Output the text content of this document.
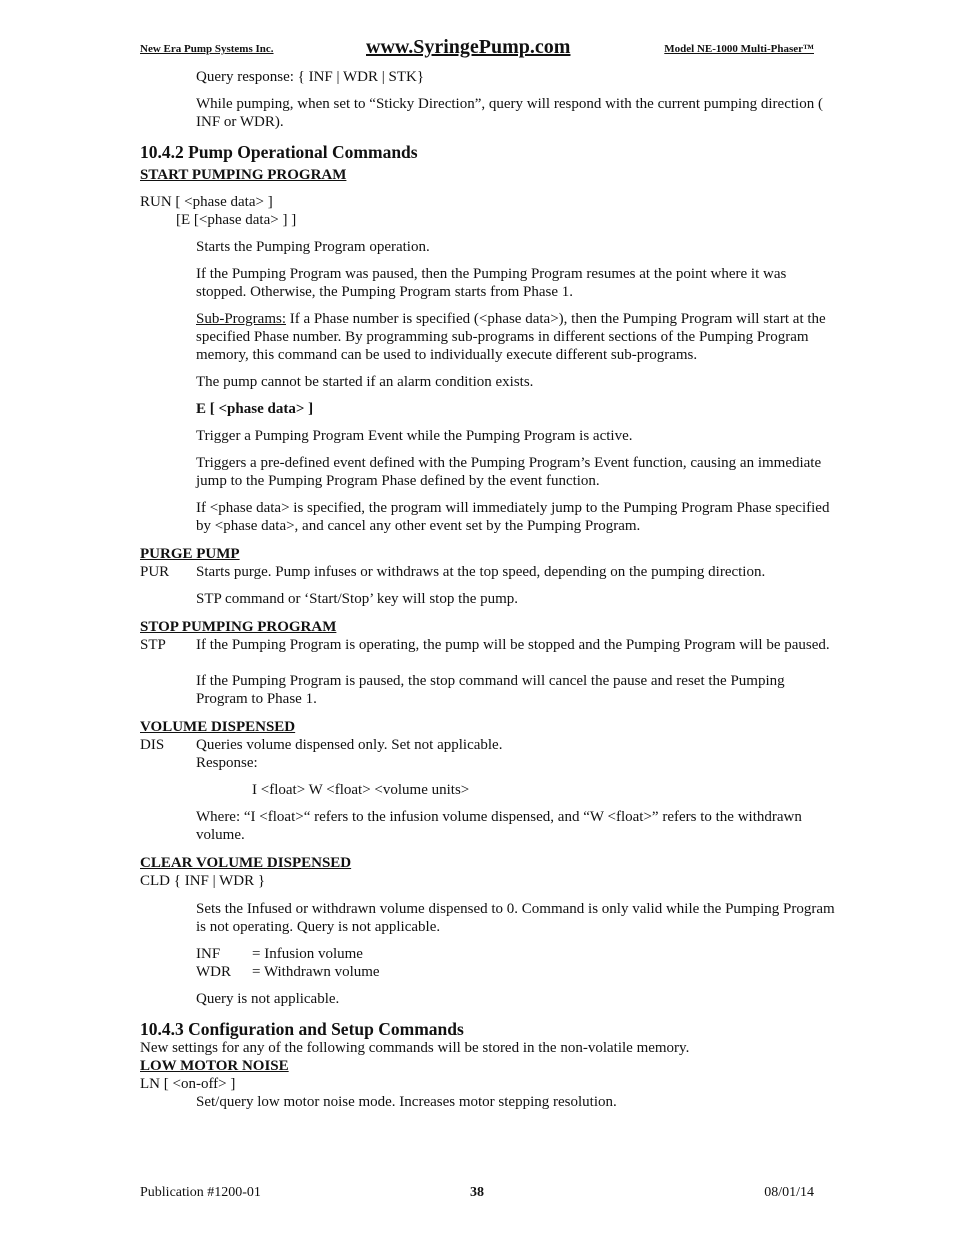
New Era Pump Systems Inc.	www.SyringePump.com	Model NE-1000 Multi-Phaser™

Query response: { INF | WDR | STK}

While pumping, when set to “Sticky Direction”, query will respond with the current pumping direction ( INF or WDR).

10.4.2 Pump Operational Commands

START PUMPING PROGRAM

RUN [ <phase data> ]

[E [<phase data> ] ]

Starts the Pumping Program operation.

If the Pumping Program was paused, then the Pumping Program resumes at the point where it was stopped. Otherwise, the Pumping Program starts from Phase 1.

Sub-Programs: If a Phase number is specified (<phase data>), then the Pumping Program will start at the specified Phase number. By programming sub-programs in different sections of the Pumping Program memory, this command can be used to individually execute different sub-programs.

The pump cannot be started if an alarm condition exists.

E [ <phase data> ]

Trigger a Pumping Program Event while the Pumping Program is active.

Triggers a pre-defined event defined with the Pumping Program’s Event function, causing an immediate jump to the Pumping Program Phase defined by the event function.

If <phase data> is specified, the program will immediately jump to the Pumping Program Phase specified by <phase data>, and cancel any other event set by the Pumping Program.

PURGE PUMP

PUR	Starts purge. Pump infuses or withdraws at the top speed, depending on the pumping direction.

STP command or ‘Start/Stop’ key will stop the pump.

STOP PUMPING PROGRAM

STP	If the Pumping Program is operating, the pump will be stopped and the Pumping Program will be paused.

If the Pumping Program is paused, the stop command will cancel the pause and reset the Pumping Program to Phase 1.

VOLUME DISPENSED

DIS	Queries volume dispensed only. Set not applicable.

Response:

I <float> W <float> <volume units>

Where: “I <float>“ refers to the infusion volume dispensed, and “W <float>” refers to the withdrawn volume.

CLEAR VOLUME DISPENSED

CLD { INF | WDR }

Sets the Infused or withdrawn volume dispensed to 0. Command is only valid while the Pumping Program is not operating. Query is not applicable.

INF = Infusion volume
WDR = Withdrawn volume

Query is not applicable.

10.4.3 Configuration and Setup Commands

New settings for any of the following commands will be stored in the non-volatile memory.

LOW MOTOR NOISE

LN [ <on-off> ]

Set/query low motor noise mode. Increases motor stepping resolution.

Publication #1200-01	38	08/01/14
